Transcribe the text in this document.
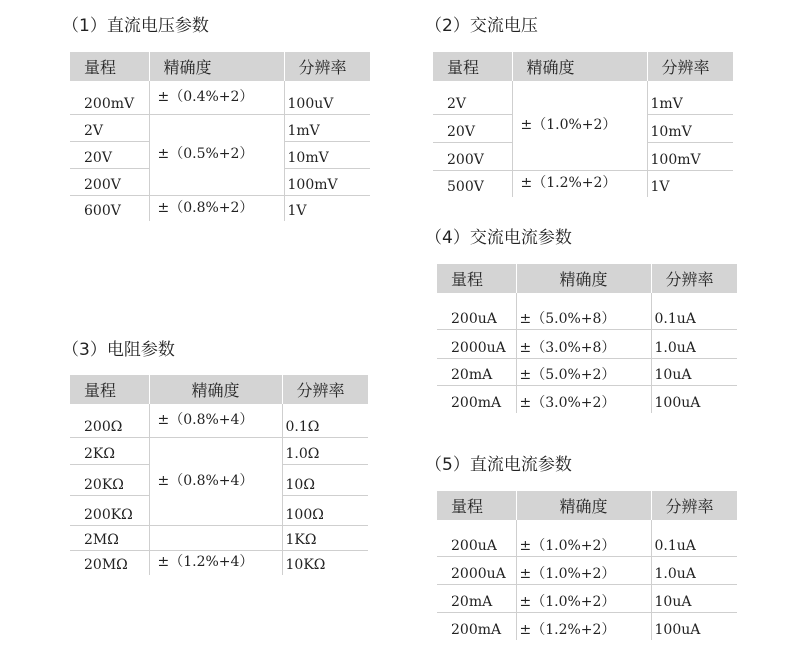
（1）直流电压参数
量程	精确度	分辨率
200mV	±（0.4%+2）	100uV
2V	±（0.5%+2）	1mV
20V		10mV
200V		100mV
600V	±（0.8%+2）	1V
（2）交流电压
量程	精确度	分辨率
2V	±（1.0%+2）	1mV
20V		10mV
200V		100mV
500V	±（1.2%+2）	1V
（3）电阻参数
量程	精确度	分辨率
200Ω	±（0.8%+4）	0.1Ω
2KΩ	±（0.8%+4）	1.0Ω
20KΩ		10Ω
200KΩ		100Ω
2MΩ		1KΩ
20MΩ	±（1.2%+4）	10KΩ
（4）交流电流参数
量程	精确度	分辨率
200uA	±（5.0%+8）	0.1uA
2000uA	±（3.0%+8）	1.0uA
20mA	±（5.0%+2）	10uA
200mA	±（3.0%+2）	100uA
（5）直流电流参数
量程	精确度	分辨率
200uA	±（1.0%+2）	0.1uA
2000uA	±（1.0%+2）	1.0uA
20mA	±（1.0%+2）	10uA
200mA	±（1.2%+2）	100uA
